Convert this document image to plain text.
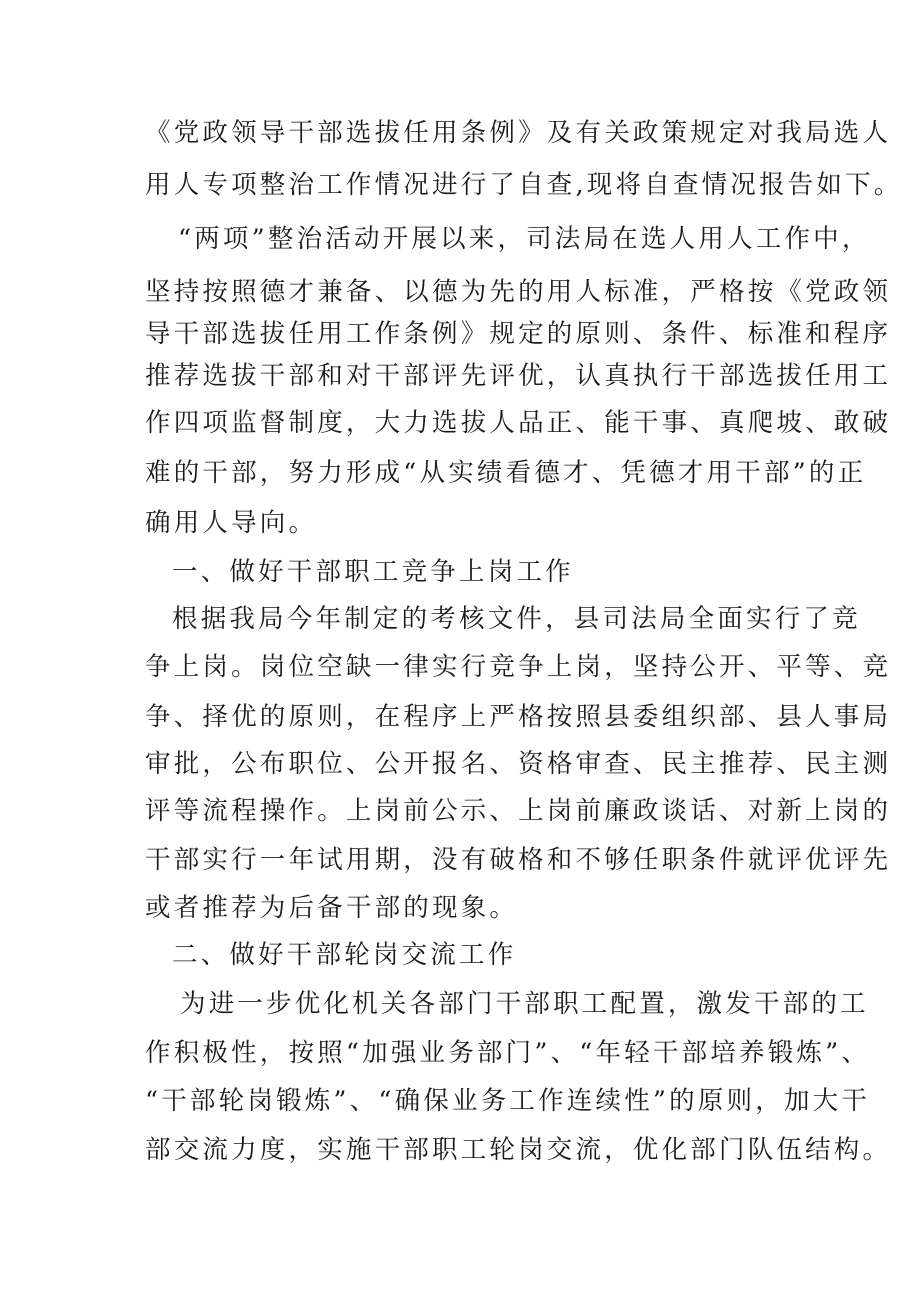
《党政领导干部选拔任用条例》及有关政策规定对我局选人
用人专项整治工作情况进行了自查,现将自查情况报告如下。
“两项”整治活动开展以来，司法局在选人用人工作中，
坚持按照德才兼备、以德为先的用人标准，严格按《党政领
导干部选拔任用工作条例》规定的原则、条件、标准和程序
推荐选拔干部和对干部评先评优，认真执行干部选拔任用工
作四项监督制度，大力选拔人品正、能干事、真爬坡、敢破
难的干部，努力形成“从实绩看德才、凭德才用干部”的正
确用人导向。
一、做好干部职工竞争上岗工作
根据我局今年制定的考核文件，县司法局全面实行了竞
争上岗。岗位空缺一律实行竞争上岗，坚持公开、平等、竞
争、择优的原则，在程序上严格按照县委组织部、县人事局
审批，公布职位、公开报名、资格审查、民主推荐、民主测
评等流程操作。上岗前公示、上岗前廉政谈话、对新上岗的
干部实行一年试用期，没有破格和不够任职条件就评优评先
或者推荐为后备干部的现象。
二、做好干部轮岗交流工作
为进一步优化机关各部门干部职工配置，激发干部的工
作积极性，按照“加强业务部门”、“年轻干部培养锻炼”、
“干部轮岗锻炼”、“确保业务工作连续性”的原则，加大干
部交流力度，实施干部职工轮岗交流，优化部门队伍结构。
